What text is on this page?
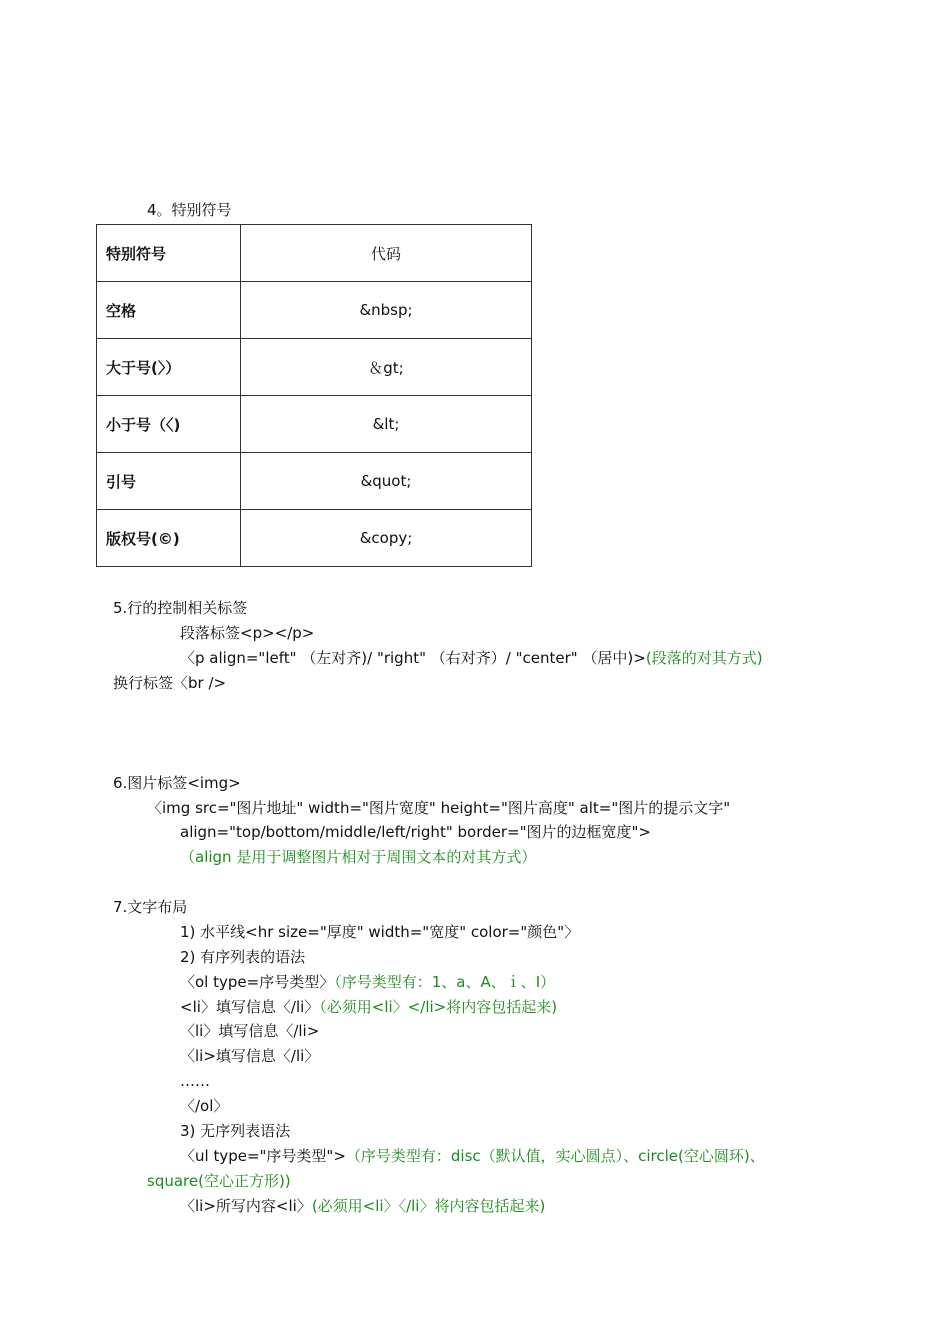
4。特别符号
特别符号	代码
空格	&nbsp;
大于号(〉）	＆gt;
小于号（〈)	&lt;
引号	&quot;
版权号(©)	&copy;
5.行的控制相关标签
段落标签<p></p>
〈p align="left" （左对齐)/ "right" （右对齐）/ "center" （居中)>(段落的对其方式)
换行标签〈br />
6.图片标签<img>
〈img src="图片地址" width="图片宽度" height="图片高度" alt="图片的提示文字"
align="top/bottom/middle/left/right" border="图片的边框宽度">
（align 是用于调整图片相对于周围文本的对其方式）
7.文字布局
1) 水平线<hr size="厚度" width="宽度" color="颜色"〉
2) 有序列表的语法
〈ol type=序号类型〉（序号类型有：1、a、A、ｉ、I）
<li〉填写信息〈/li〉（必须用<li〉</li>将内容包括起来)
〈li〉填写信息〈/li>
〈li>填写信息〈/li〉
……
〈/ol〉
3) 无序列表语法
〈ul type="序号类型">（序号类型有：disc（默认值，实心圆点）、circle(空心圆环)、
square(空心正方形))
〈li>所写内容<li〉(必须用<li〉〈/li〉将内容包括起来)
